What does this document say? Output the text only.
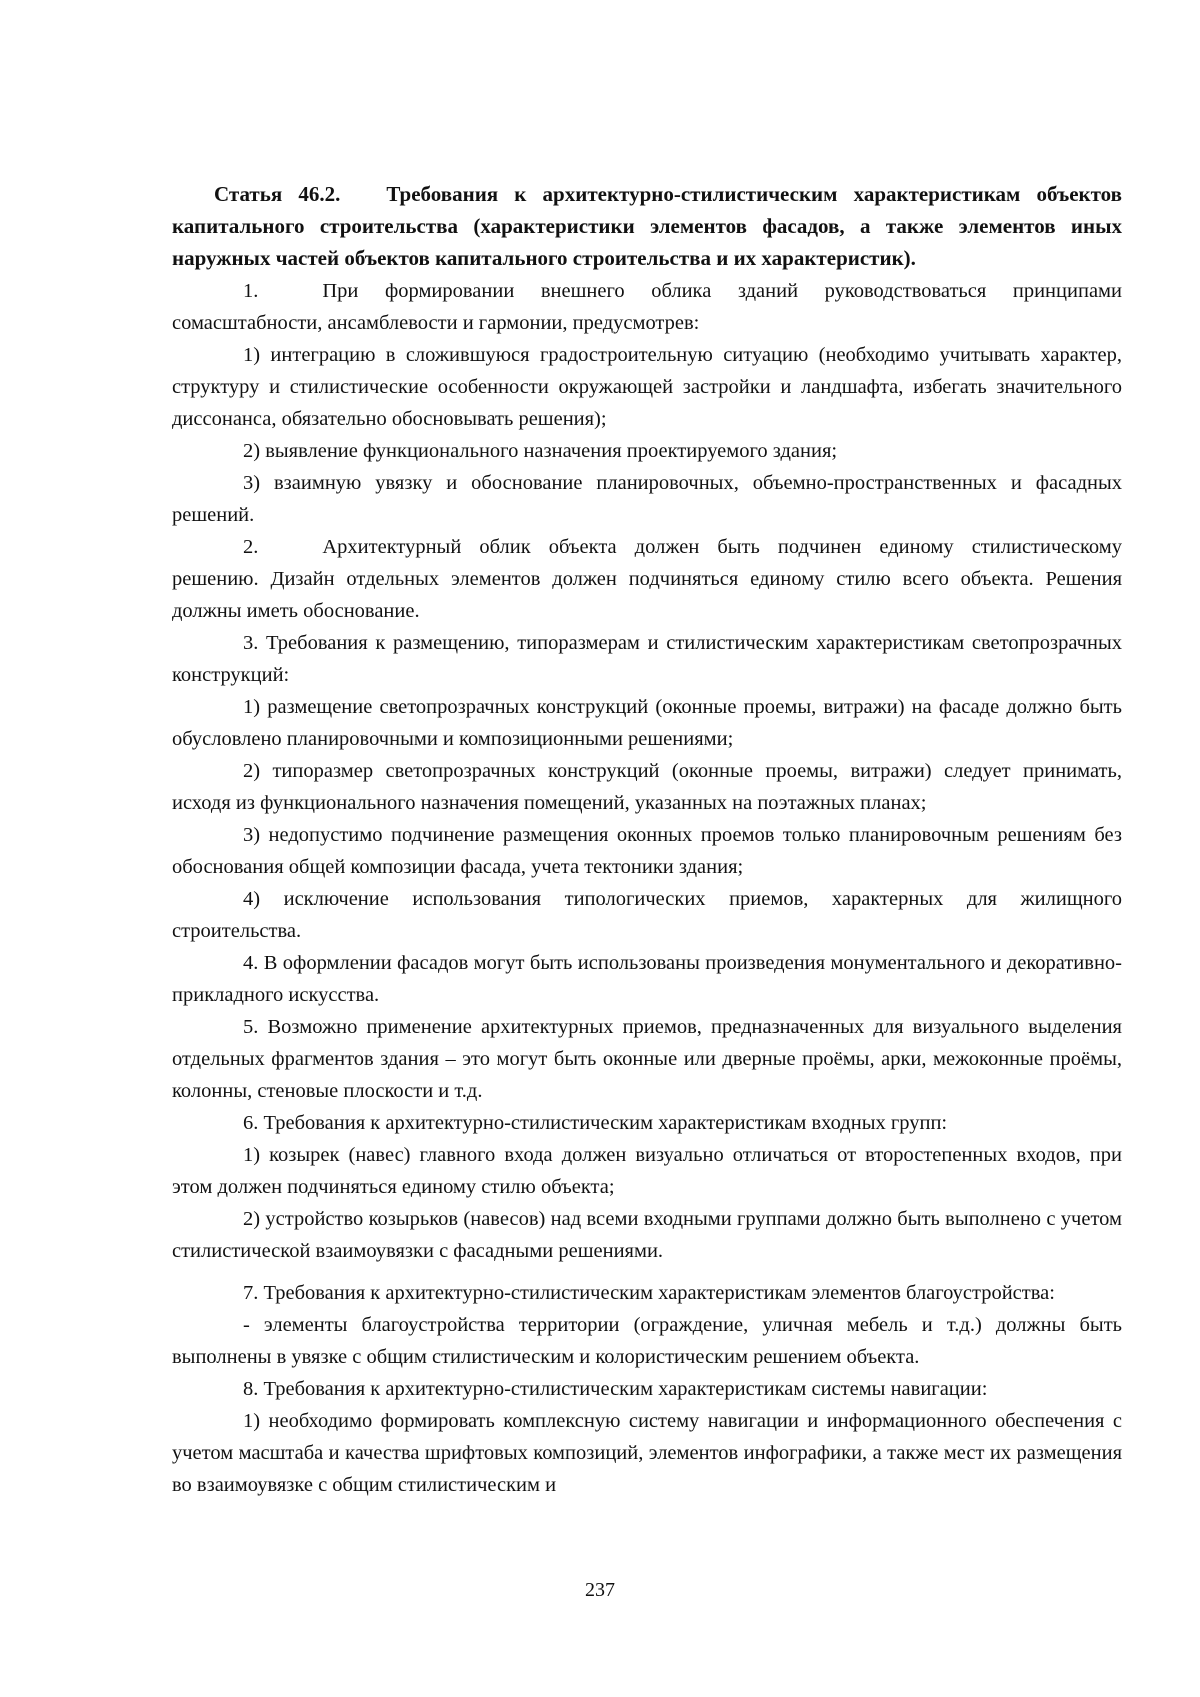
Статья 46.2. Требования к архитектурно-стилистическим характеристикам объектов капитального строительства (характеристики элементов фасадов, а также элементов иных наружных частей объектов капитального строительства и их характеристик).

1.	При формировании внешнего облика зданий руководствоваться принципами сомасштабности, ансамблевости и гармонии, предусмотрев:

1) интеграцию в сложившуюся градостроительную ситуацию (необходимо учитывать характер, структуру и стилистические особенности окружающей застройки и ландшафта, избегать значительного диссонанса, обязательно обосновывать решения);

2) выявление функционального назначения проектируемого здания;

3) взаимную увязку и обоснование планировочных, объемно-пространственных и фасадных решений.

2.	Архитектурный облик объекта должен быть подчинен единому стилистическому решению. Дизайн отдельных элементов должен подчиняться единому стилю всего объекта. Решения должны иметь обоснование.

3. Требования к размещению, типоразмерам и стилистическим характеристикам светопрозрачных конструкций:

1) размещение светопрозрачных конструкций (оконные проемы, витражи) на фасаде должно быть обусловлено планировочными и композиционными решениями;

2) типоразмер светопрозрачных конструкций (оконные проемы, витражи) следует принимать, исходя из функционального назначения помещений, указанных на поэтажных планах;

3) недопустимо подчинение размещения оконных проемов только планировочным решениям без обоснования общей композиции фасада, учета тектоники здания;

4) исключение использования типологических приемов, характерных для жилищного строительства.

4. В оформлении фасадов могут быть использованы произведения монументального и декоративно-прикладного искусства.

5. Возможно применение архитектурных приемов, предназначенных для визуального выделения отдельных фрагментов здания – это могут быть оконные или дверные проёмы, арки, межоконные проёмы, колонны, стеновые плоскости и т.д.

6. Требования к архитектурно-стилистическим характеристикам входных групп:

1) козырек (навес) главного входа должен визуально отличаться от второстепенных входов, при этом должен подчиняться единому стилю объекта;

2) устройство козырьков (навесов) над всеми входными группами должно быть выполнено с учетом стилистической взаимоувязки с фасадными решениями.

7. Требования к архитектурно-стилистическим характеристикам элементов благоустройства:

- элементы благоустройства территории (ограждение, уличная мебель и т.д.) должны быть выполнены в увязке с общим стилистическим и колористическим решением объекта.

8. Требования к архитектурно-стилистическим характеристикам системы навигации:

1) необходимо формировать комплексную систему навигации и информационного обеспечения с учетом масштаба и качества шрифтовых композиций, элементов инфографики, а также мест их размещения во взаимоувязке с общим стилистическим и

237
